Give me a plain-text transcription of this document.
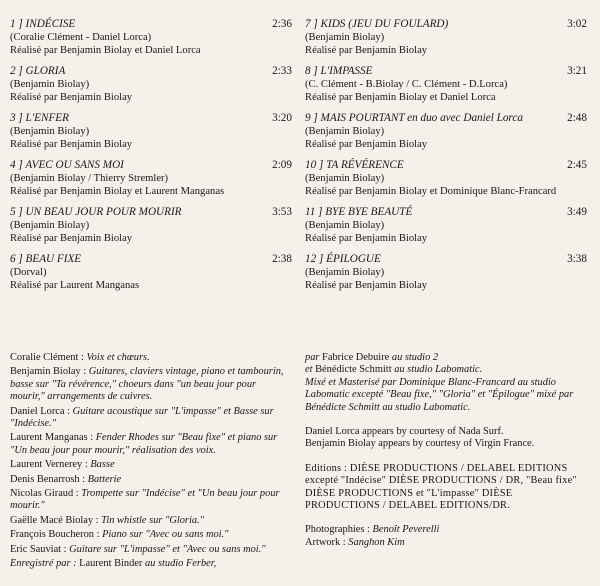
1 ] INDÉCISE	2:36
(Coralie Clément - Daniel Lorca)
Réalisé par Benjamin Biolay et Daniel Lorca
2 ] GLORIA	2:33
(Benjamin Biolay)
Réalisé par Benjamin Biolay
3 ] L'ENFER	3:20
(Benjamin Biolay)
Réalisé par Benjamin Biolay
4 ] AVEC OU SANS MOI	2:09
(Benjamin Biolay / Thierry Stremler)
Réalisé par Benjamin Biolay et Laurent Manganas
5 ] UN BEAU JOUR POUR MOURIR	3:53
(Benjamin Biolay)
Réalisé par Benjamin Biolay
6 ] BEAU FIXE	2:38
(Dorval)
Réalisé par Laurent Manganas
7 ] KIDS (JEU DU FOULARD)	3:02
(Benjamin Biolay)
Réalisé par Benjamin Biolay
8 ] L'IMPASSE	3:21
(C. Clément - B.Biolay / C. Clément - D.Lorca)
Réalisé par Benjamin Biolay et Daniel Lorca
9 ] MAIS POURTANT en duo avec Daniel Lorca	2:48
(Benjamin Biolay)
Réalisé par Benjamin Biolay
10 ] TA RÉVÉRENCE	2:45
(Benjamin Biolay)
Réalisé par Benjamin Biolay et Dominique Blanc-Francard
11 ] BYE BYE BEAUTÉ	3:49
(Benjamin Biolay)
Réalisé par Benjamin Biolay
12 ] ÉPILOGUE	3:38
(Benjamin Biolay)
Réalisé par Benjamin Biolay

Coralie Clément : Voix et chœurs.

Benjamin Biolay : Guitares, claviers vintage, piano et tambourin, basse sur "Ta révérence," choeurs dans "un beau jour pour mourir," arrangements de cuivres.

Daniel Lorca : Guitare acoustique sur "L'impasse" et Basse sur "Indécise."

Laurent Manganas : Fender Rhodes sur "Beau fixe" et piano sur "Un beau jour pour mourir," réalisation des voix.

Laurent Vernerey : Basse

Denis Benarrosh : Batterie

Nicolas Giraud : Trompette sur "Indécise" et "Un beau jour pour mourir."

Gaëlle Macé Biolay : Tin whistle sur "Gloria."

François Boucheron : Piano sur "Avec ou sans moi."

Eric Sauviat : Guitare sur "L'impasse" et "Avec ou sans moi."

Enregistré par : Laurent Binder au studio Ferber,

par Fabrice Debuire au studio 2

et Bénédicte Schmitt au studio Labomatic.

Mixé et Masterisé par Dominique Blanc-Francard au studio Labomatic excepté "Beau fixe," "Gloria" et "Épilogue" mixé par Bénédicte Schmitt au studio Labomatic.

Daniel Lorca appears by courtesy of Nada Surf.

Benjamin Biolay appears by courtesy of Virgin France.

Editions : DIÈSE PRODUCTIONS / DELABEL EDITIONS excepté "Indécise" DIÈSE PRODUCTIONS / DR, "Beau fixe" DIÈSE PRODUCTIONS et "L'impasse" DIÈSE PRODUCTIONS / DELABEL EDITIONS/DR.

Photographies : Benoît Peverelli

Artwork : Sanghon Kim
